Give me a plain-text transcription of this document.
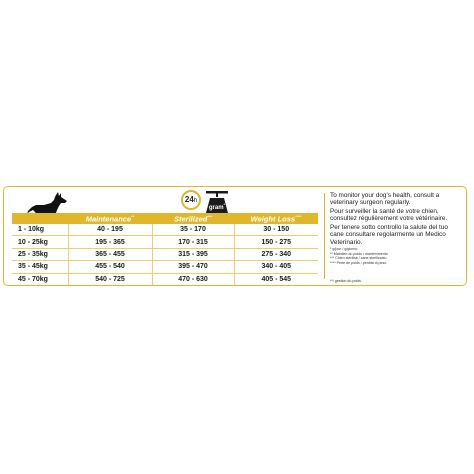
24h
gram*
	Maintenance**	Sterilized***	Weight Loss****
1 - 10kg	40 - 195	35 - 170	30 - 150
10 - 25kg	195 - 365	170 - 315	150 - 275
25 - 35kg	365 - 455	315 - 395	275 - 340
35 - 45kg	455 - 540	395 - 470	340 - 405
45 - 70kg	540 - 725	470 - 630	405 - 545

To monitor your dog's health, consult a veterinary surgeon regularly.

Pour surveiller la santé de votre chien, consultez régulièrement votre vétérinaire.

Per tenere sotto controllo la salute del tuo cane consultare regolarmente un Medico Veterinario.

* g/jour / g/giorno

** Maintien du poids / mantenimento

*** Chien stérilisé / cane sterilizzato

**** Perte de poids / perdita di peso

**/ gestion du poids
